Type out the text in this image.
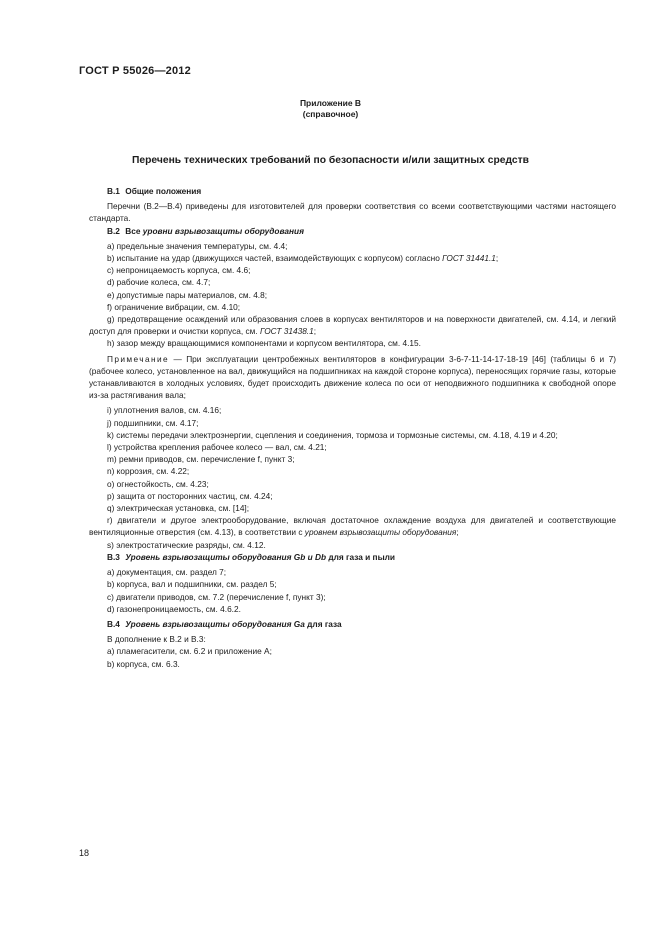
ГОСТ Р 55026—2012
Приложение В
(справочное)
Перечень технических требований по безопасности и/или защитных средств

В.1 Общие положения

Перечни (В.2—В.4) приведены для изготовителей для проверки соответствия со всеми соответствующими частями настоящего стандарта.

В.2 Все уровни взрывозащиты оборудования

а) предельные значения температуры, см. 4.4;

b) испытание на удар (движущихся частей, взаимодействующих с корпусом) согласно ГОСТ 31441.1;

с) непроницаемость корпуса, см. 4.6;

d) рабочие колеса, см. 4.7;

е) допустимые пары материалов, см. 4.8;

f) ограничение вибрации, см. 4.10;

g) предотвращение осаждений или образования слоев в корпусах вентиляторов и на поверхности двигателей, см. 4.14, и легкий доступ для проверки и очистки корпуса, см. ГОСТ 31438.1;

h) зазор между вращающимися компонентами и корпусом вентилятора, см. 4.15.

Примечание — При эксплуатации центробежных вентиляторов в конфигурации 3-6-7-11-14-17-18-19 [46] (таблицы 6 и 7) (рабочее колесо, установленное на вал, движущийся на подшипниках на каждой стороне корпуса), переносящих горячие газы, которые устанавливаются в холодных условиях, будет происходить движение колеса по оси от неподвижного подшипника к свободной опоре из-за растягивания вала;

i) уплотнения валов, см. 4.16;

j) подшипники, см. 4.17;

k) системы передачи электроэнергии, сцепления и соединения, тормоза и тормозные системы, см. 4.18, 4.19 и 4.20;

l) устройства крепления рабочее колесо — вал, см. 4.21;

m) ремни приводов, см. перечисление f, пункт 3;

n) коррозия, см. 4.22;

о) огнестойкость, см. 4.23;

р) защита от посторонних частиц, см. 4.24;

q) электрическая установка, см. [14];

r) двигатели и другое электрооборудование, включая достаточное охлаждение воздуха для двигателей и соответствующие вентиляционные отверстия (см. 4.13), в соответствии с уровнем взрывозащиты оборудования;

s) электростатические разряды, см. 4.12.

В.3 Уровень взрывозащиты оборудования Gb и Db для газа и пыли

а) документация, см. раздел 7;

b) корпуса, вал и подшипники, см. раздел 5;

с) двигатели приводов, см. 7.2 (перечисление f, пункт 3);

d) газонепроницаемость, см. 4.6.2.

В.4 Уровень взрывозащиты оборудования Ga для газа

В дополнение к В.2 и В.3:

а) пламегасители, см. 6.2 и приложение А;

b) корпуса, см. 6.3.

18
